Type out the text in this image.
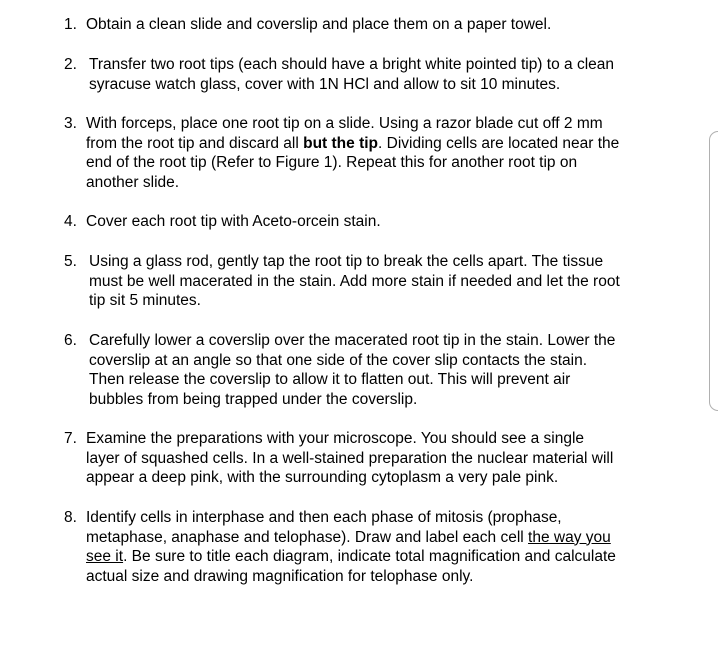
1. Obtain a clean slide and coverslip and place them on a paper towel.
2. Transfer two root tips (each should have a bright white pointed tip) to a clean
syracuse watch glass, cover with 1N HCl and allow to sit 10 minutes.
3. With forceps, place one root tip on a slide. Using a razor blade cut off 2 mm
from the root tip and discard all but the tip. Dividing cells are located near the
end of the root tip (Refer to Figure 1). Repeat this for another root tip on
another slide.
4. Cover each root tip with Aceto-orcein stain.
5. Using a glass rod, gently tap the root tip to break the cells apart. The tissue
must be well macerated in the stain. Add more stain if needed and let the root
tip sit 5 minutes.
6. Carefully lower a coverslip over the macerated root tip in the stain. Lower the
coverslip at an angle so that one side of the cover slip contacts the stain.
Then release the coverslip to allow it to flatten out. This will prevent air
bubbles from being trapped under the coverslip.
7. Examine the preparations with your microscope. You should see a single
layer of squashed cells. In a well-stained preparation the nuclear material will
appear a deep pink, with the surrounding cytoplasm a very pale pink.
8. Identify cells in interphase and then each phase of mitosis (prophase,
metaphase, anaphase and telophase). Draw and label each cell the way you
see it. Be sure to title each diagram, indicate total magnification and calculate
actual size and drawing magnification for telophase only.
